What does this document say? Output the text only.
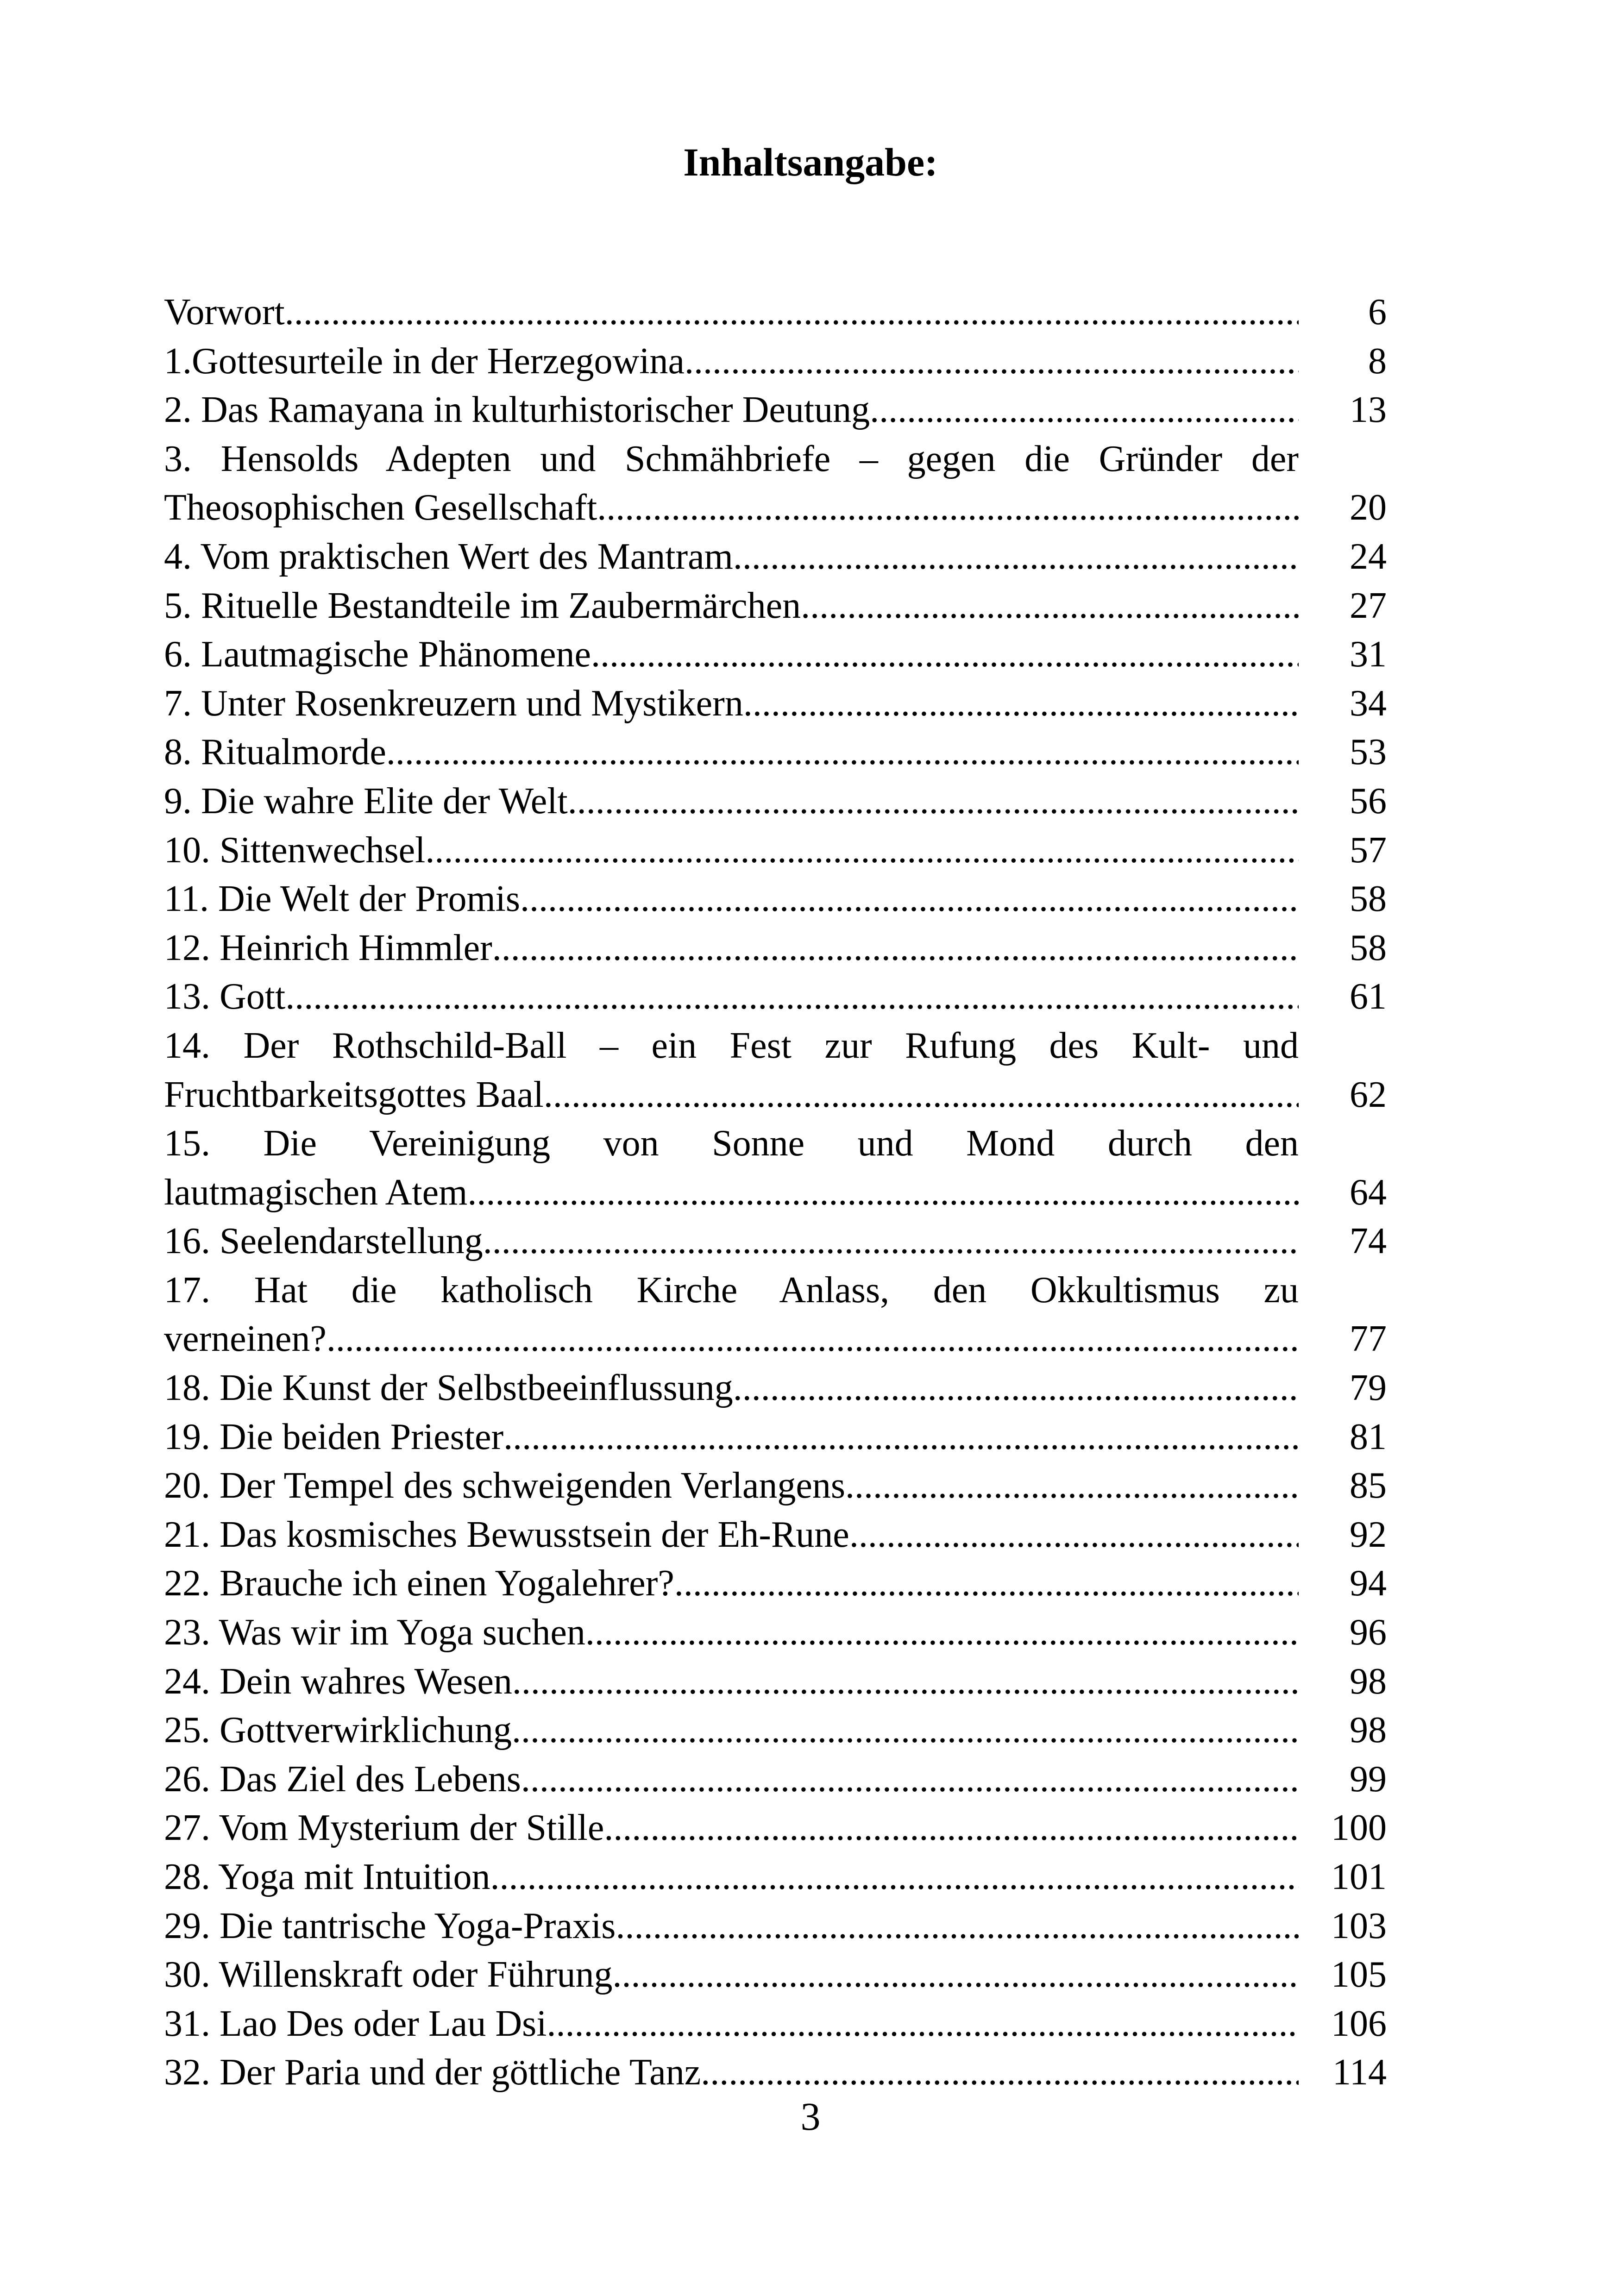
Inhaltsangabe:
Vorwort .....	6
1.Gottesurteile in der Herzegowina .....	8
2. Das Ramayana in kulturhistorischer Deutung .....	13
3. Hensolds Adepten und Schmähbriefe – gegen die Gründer der
Theosophischen Gesellschaft .....	20
4. Vom praktischen Wert des Mantram .....	24
5. Rituelle Bestandteile im Zaubermärchen .....	27
6. Lautmagische Phänomene .....	31
7. Unter Rosenkreuzern und Mystikern .....	34
8. Ritualmorde .....	53
9. Die wahre Elite der Welt .....	56
10. Sittenwechsel .....	57
11. Die Welt der Promis .....	58
12. Heinrich Himmler .....	58
13. Gott .....	61
14. Der Rothschild-Ball – ein Fest zur Rufung des Kult- und
Fruchtbarkeitsgottes Baal .....	62
15. Die Vereinigung von Sonne und Mond durch den
lautmagischen Atem .....	64
16. Seelendarstellung .....	74
17. Hat die katholisch Kirche Anlass, den Okkultismus zu
verneinen? .....	77
18. Die Kunst der Selbstbeeinflussung .....	79
19. Die beiden Priester .....	81
20. Der Tempel des schweigenden Verlangens .....	85
21. Das kosmisches Bewusstsein der Eh-Rune .....	92
22. Brauche ich einen Yogalehrer? .....	94
23. Was wir im Yoga suchen .....	96
24. Dein wahres Wesen .....	98
25. Gottverwirklichung .....	98
26. Das Ziel des Lebens .....	99
27. Vom Mysterium der Stille .....	100
28. Yoga mit Intuition .....	101
29. Die tantrische Yoga-Praxis .....	103
30. Willenskraft oder Führung .....	105
31. Lao Des oder Lau Dsi .....	106
32. Der Paria und der göttliche Tanz .....	114
3
